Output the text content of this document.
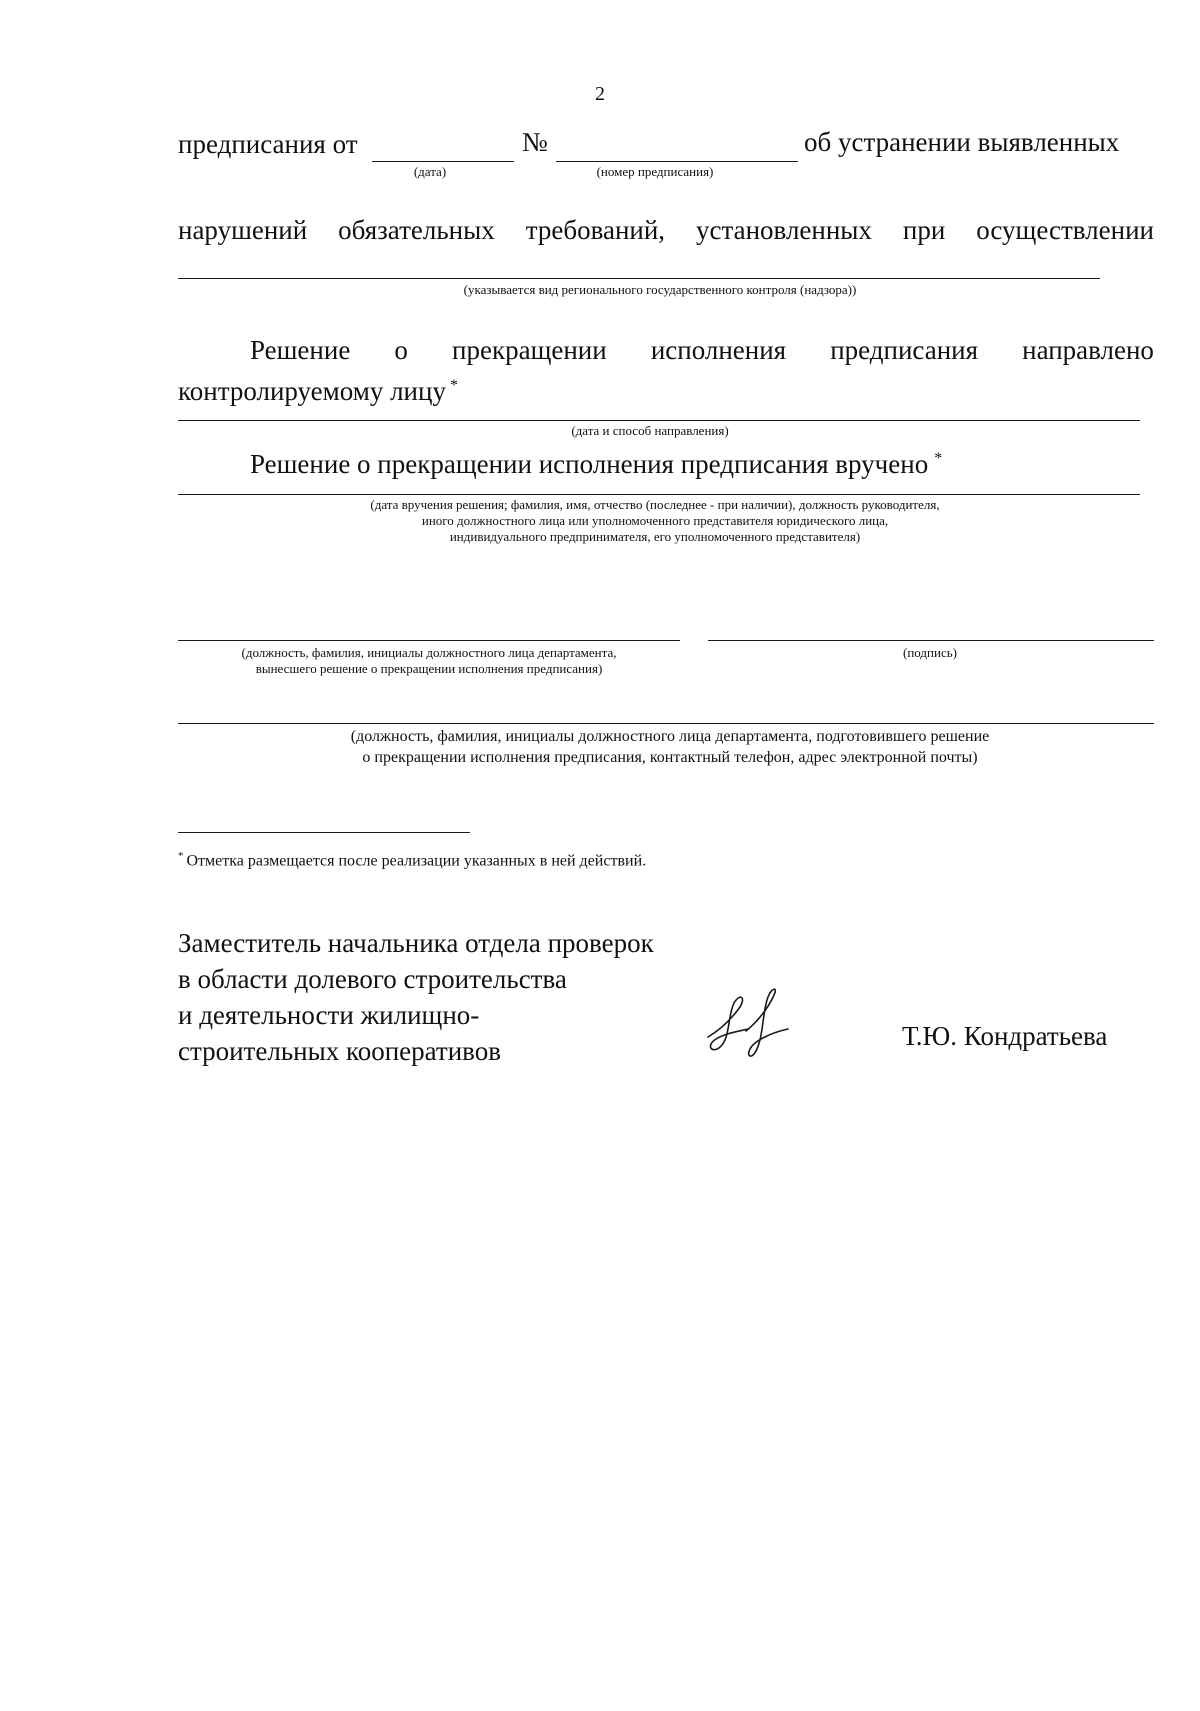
2
предписания от	№	об устранении выявленных
(дата)	(номер предписания)
нарушений обязательных требований, установленных при осуществлении
(указывается вид регионального государственного контроля (надзора))
Решение о прекращении исполнения предписания направлено
контролируемому лицу *
(дата и способ направления)
Решение о прекращении исполнения предписания вручено *
(дата вручения решения; фамилия, имя, отчество (последнее - при наличии), должность руководителя,
иного должностного лица или уполномоченного представителя юридического лица,
индивидуального предпринимателя, его уполномоченного представителя)
(должность, фамилия, инициалы должностного лица департамента,
вынесшего решение о прекращении исполнения предписания)
(подпись)
(должность, фамилия, инициалы должностного лица департамента, подготовившего решение
о прекращении исполнения предписания, контактный телефон, адрес электронной почты)
* Отметка размещается после реализации указанных в ней действий.
Заместитель начальника отдела проверок
в области долевого строительства
и деятельности жилищно-
строительных кооперативов	Т.Ю. Кондратьева
